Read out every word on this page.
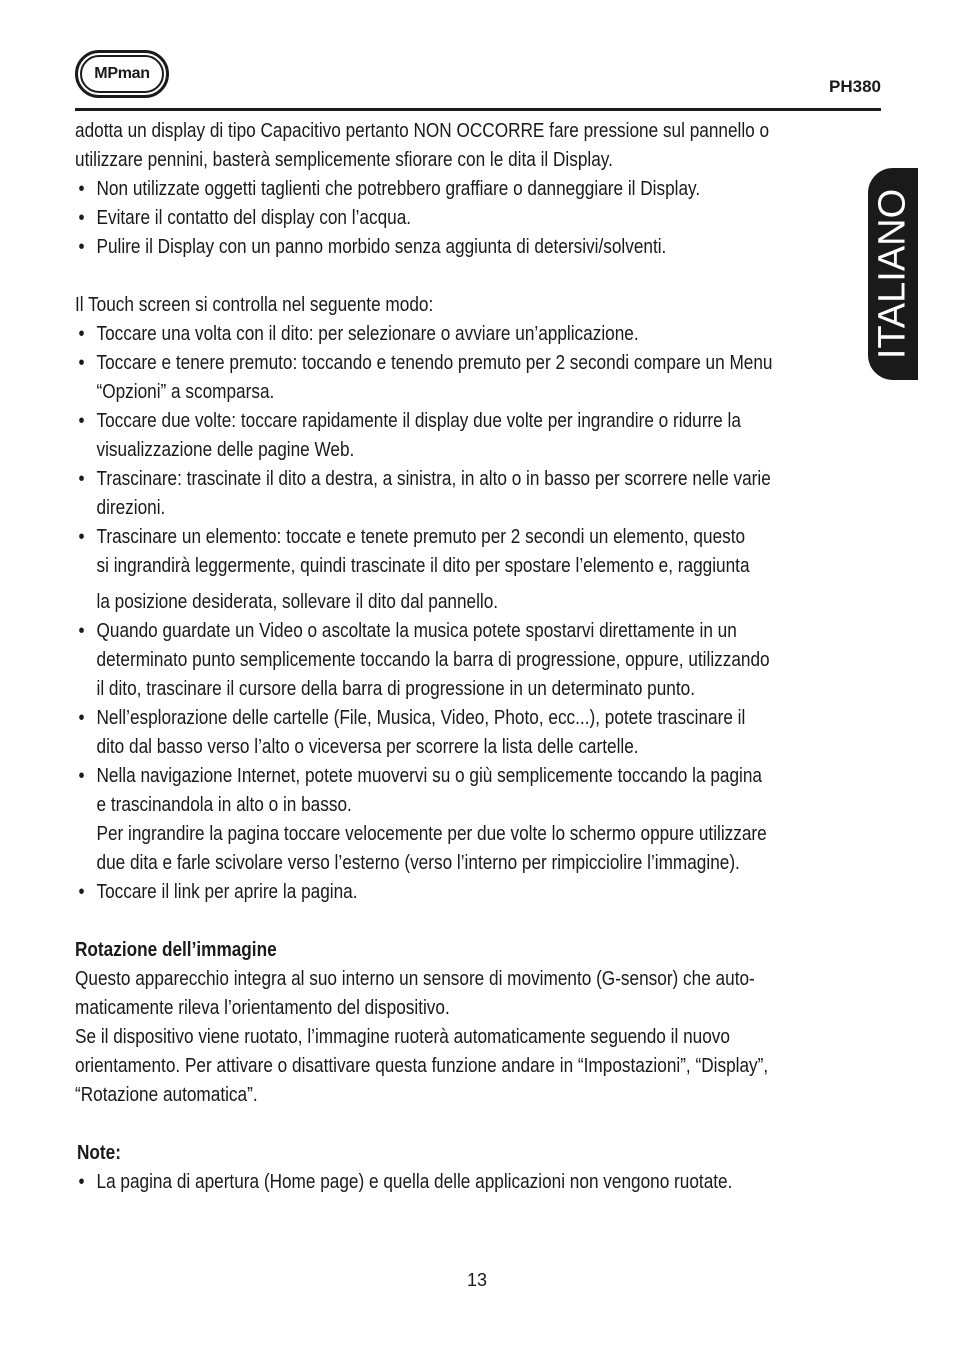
MPman
PH380
ITALIANO

adotta un display di tipo Capacitivo pertanto NON OCCORRE fare pressione sul pannello o

utilizzare pennini, basterà semplicemente sfiorare con le dita il Display.

• Non utilizzate oggetti taglienti che potrebbero graffiare o danneggiare il Display.
• Evitare il contatto del display con l’acqua.
• Pulire il Display con un panno morbido senza aggiunta di detersivi/solventi.

Il Touch screen si controlla nel seguente modo:

• Toccare una volta con il dito: per selezionare o avviare un’applicazione.
• Toccare e tenere premuto: toccando e tenendo premuto per 2 secondi compare un Menu
“Opzioni” a scomparsa.
• Toccare due volte: toccare rapidamente il display due volte per ingrandire o ridurre la
visualizzazione delle pagine Web.
• Trascinare: trascinate il dito a destra, a sinistra, in alto o in basso per scorrere nelle varie
direzioni.
• Trascinare un elemento: toccate e tenete premuto per 2 secondi un elemento, questo
si ingrandirà leggermente, quindi trascinate il dito per spostare l’elemento e, raggiunta
la posizione desiderata, sollevare il dito dal pannello.
• Quando guardate un Video o ascoltate la musica potete spostarvi direttamente in un
determinato punto semplicemente toccando la barra di progressione, oppure, utilizzando
il dito, trascinare il cursore della barra di progressione in un determinato punto.
• Nell’esplorazione delle cartelle (File, Musica, Video, Photo, ecc...), potete trascinare il
dito dal basso verso l’alto o viceversa per scorrere la lista delle cartelle.
• Nella navigazione Internet, potete muovervi su o giù semplicemente toccando la pagina
e trascinandola in alto o in basso.
Per ingrandire la pagina toccare velocemente per due volte lo schermo oppure utilizzare
due dita e farle scivolare verso l’esterno (verso l’interno per rimpicciolire l’immagine).
• Toccare il link per aprire la pagina.

Rotazione dell’immagine

Questo apparecchio integra al suo interno un sensore di movimento (G-sensor) che auto-

maticamente rileva l’orientamento del dispositivo.

Se il dispositivo viene ruotato, l’immagine ruoterà automaticamente seguendo il nuovo

orientamento. Per attivare o disattivare questa funzione andare in “Impostazioni”, “Display”,

“Rotazione automatica”.

Note:

• La pagina di apertura (Home page) e quella delle applicazioni non vengono ruotate.
13
